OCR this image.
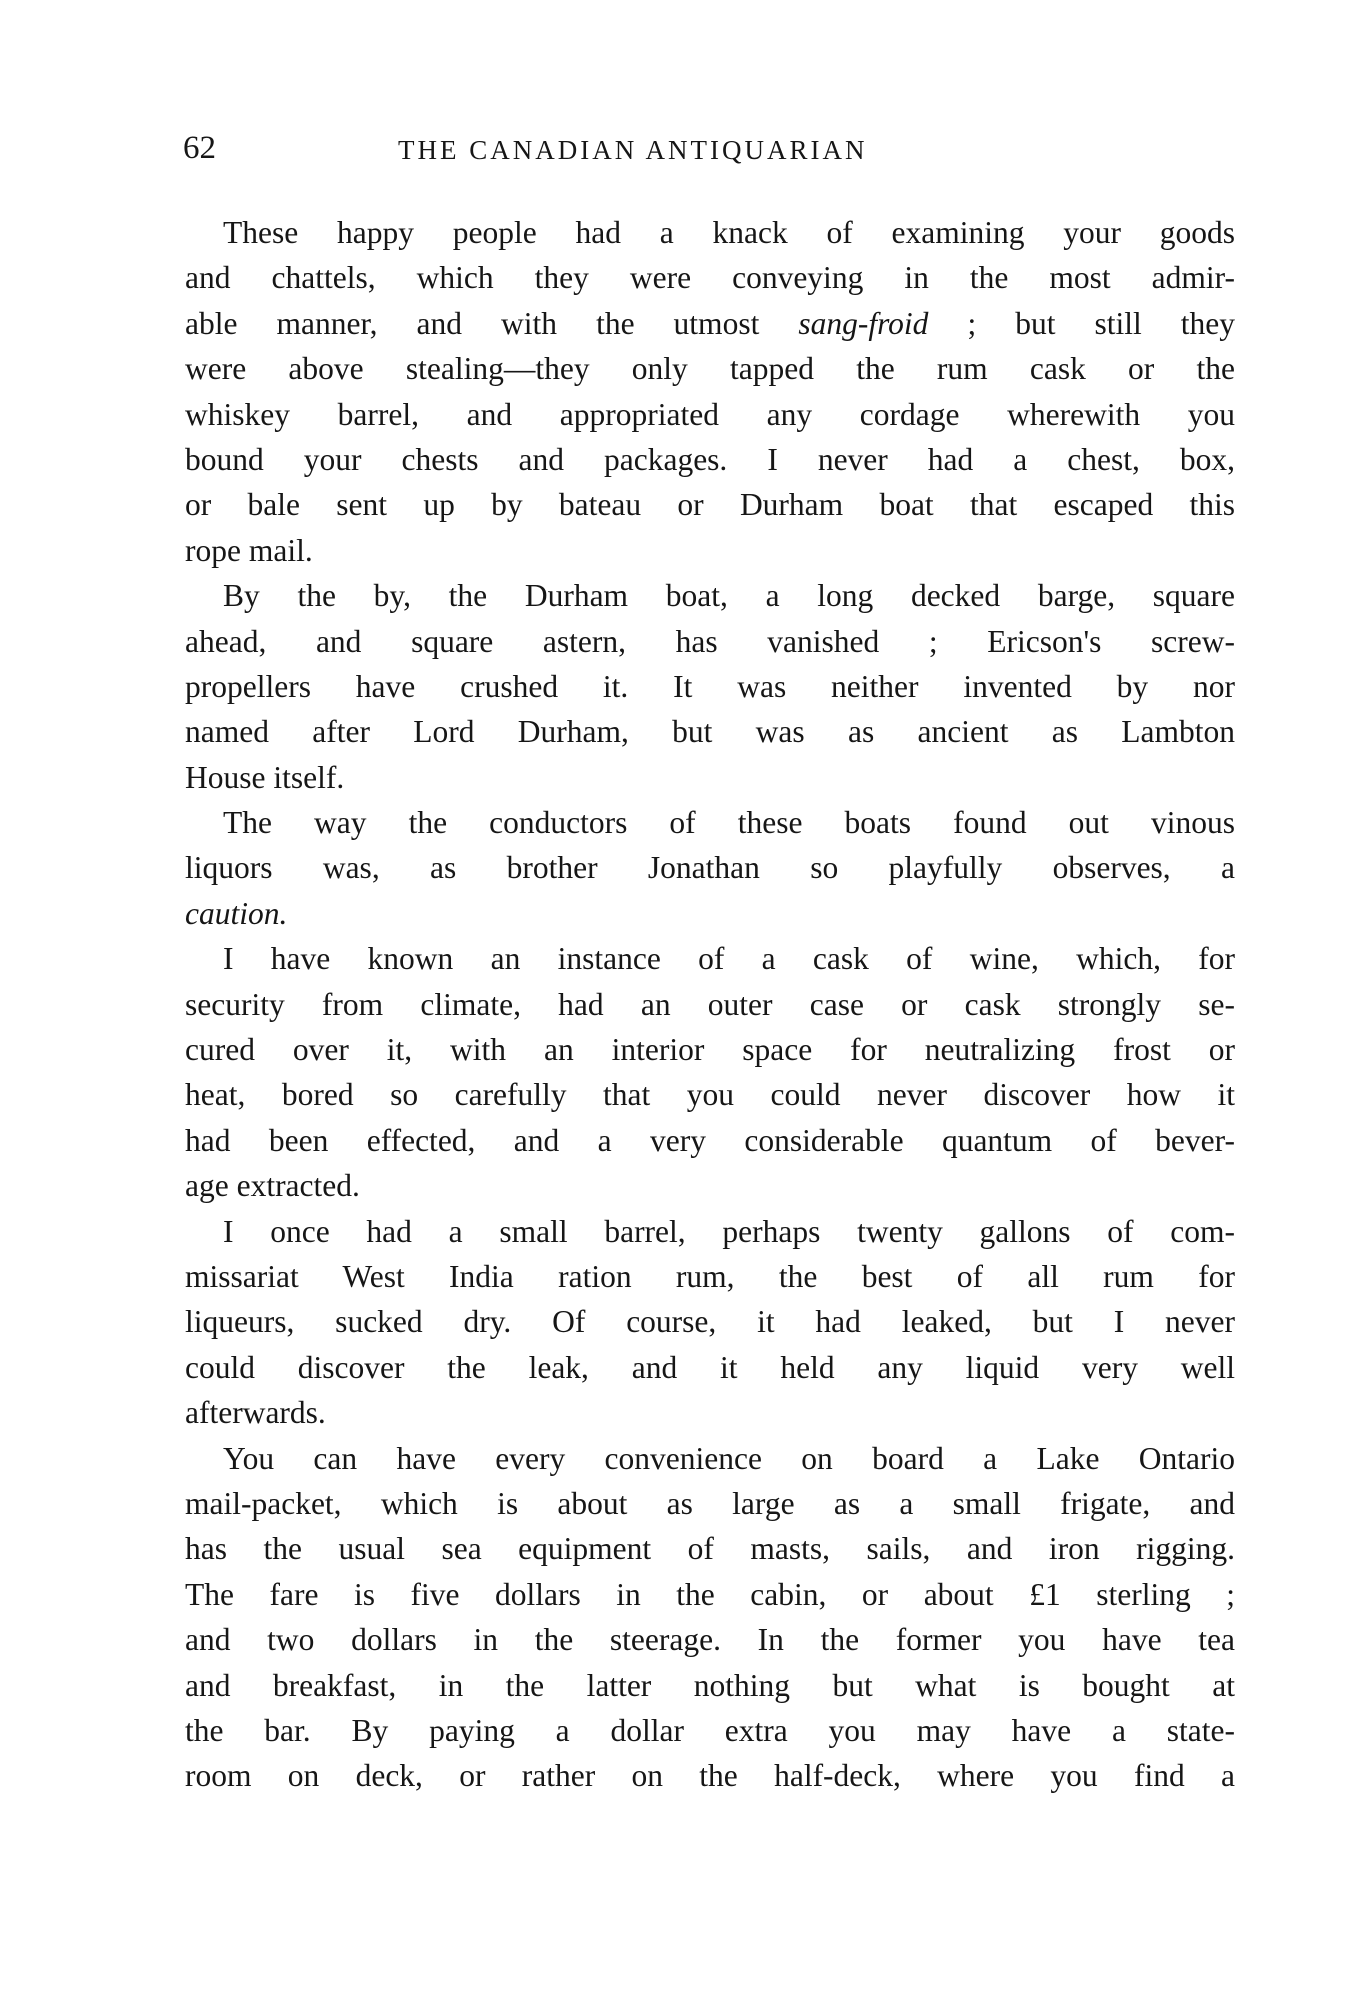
62	THE CANADIAN ANTIQUARIAN

These happy people had a knack of examining your goods
and chattels, which they were conveying in the most admir-
able manner, and with the utmost sang-froid ; but still they
were above stealing—they only tapped the rum cask or the
whiskey barrel, and appropriated any cordage wherewith you
bound your chests and packages. I never had a chest, box,
or bale sent up by bateau or Durham boat that escaped this
rope mail.

By the by, the Durham boat, a long decked barge, square
ahead, and square astern, has vanished ; Ericson's screw-
propellers have crushed it. It was neither invented by nor
named after Lord Durham, but was as ancient as Lambton
House itself.

The way the conductors of these boats found out vinous
liquors was, as brother Jonathan so playfully observes, a
caution.

I have known an instance of a cask of wine, which, for
security from climate, had an outer case or cask strongly se-
cured over it, with an interior space for neutralizing frost or
heat, bored so carefully that you could never discover how it
had been effected, and a very considerable quantum of bever-
age extracted.

I once had a small barrel, perhaps twenty gallons of com-
missariat West India ration rum, the best of all rum for
liqueurs, sucked dry. Of course, it had leaked, but I never
could discover the leak, and it held any liquid very well
afterwards.

You can have every convenience on board a Lake Ontario
mail-packet, which is about as large as a small frigate, and
has the usual sea equipment of masts, sails, and iron rigging.
The fare is five dollars in the cabin, or about £1 sterling ;
and two dollars in the steerage. In the former you have tea
and breakfast, in the latter nothing but what is bought at
the bar. By paying a dollar extra you may have a state-
room on deck, or rather on the half-deck, where you find a
